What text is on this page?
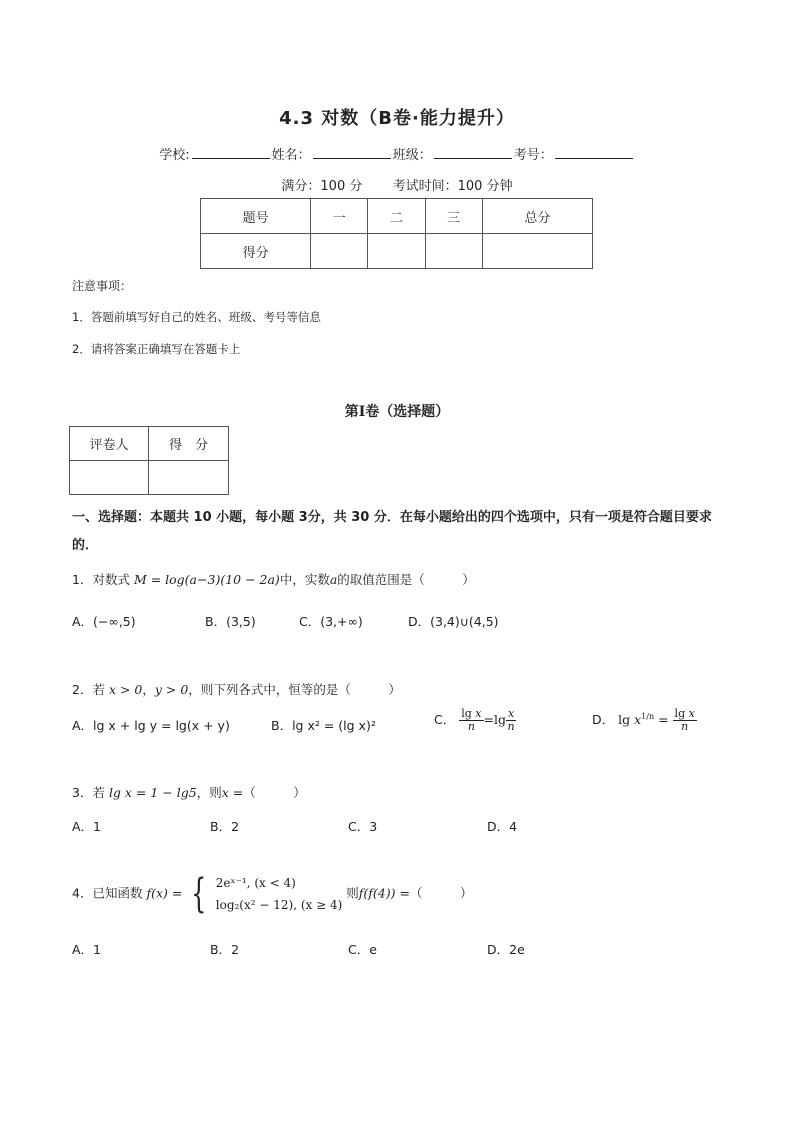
4.3 对数（B卷·能力提升）
学校:	姓名：	班级：	考号：
满分：100 分 考试时间：100 分钟
题号	一	二	三	总分
得分				
注意事项：
1．答题前填写好自己的姓名、班级、考号等信息
2．请将答案正确填写在答题卡上
第Ⅰ卷（选择题）
评卷人	得　分

一、选择题：本题共 10 小题，每小题 3分，共 30 分．在每小题给出的四个选项中，只有一项是符合题目要求的．
1．对数式 M = log(a−3)(10 − 2a)中，实数a的取值范围是（　　　）
A．(−∞,5)	B．(3,5)	C．(3,+∞)	D．(3,4)∪(4,5)
2．若 x > 0，y > 0，则下列各式中，恒等的是（　　　）
A．lg x + lg y = lg(x + y)	B．lg x² = (lg x)²	C． $\frac{\text{lg x}}{n} =\lg \frac{x}{n}$	D． $\lg x^{1/n} = \frac{\text{lg x}}{n}$
3．若 lg x = 1 − lg5，则x =（　　　）
A．1	B．2	C．3	D．4
4．已知函数 f(x) = { 2eˣ⁻¹, (x < 4)
log₂(x² − 12), (x ≥ 4)
则f(f(4)) =（　　　）
A．1	B．2	C．e	D．2e
